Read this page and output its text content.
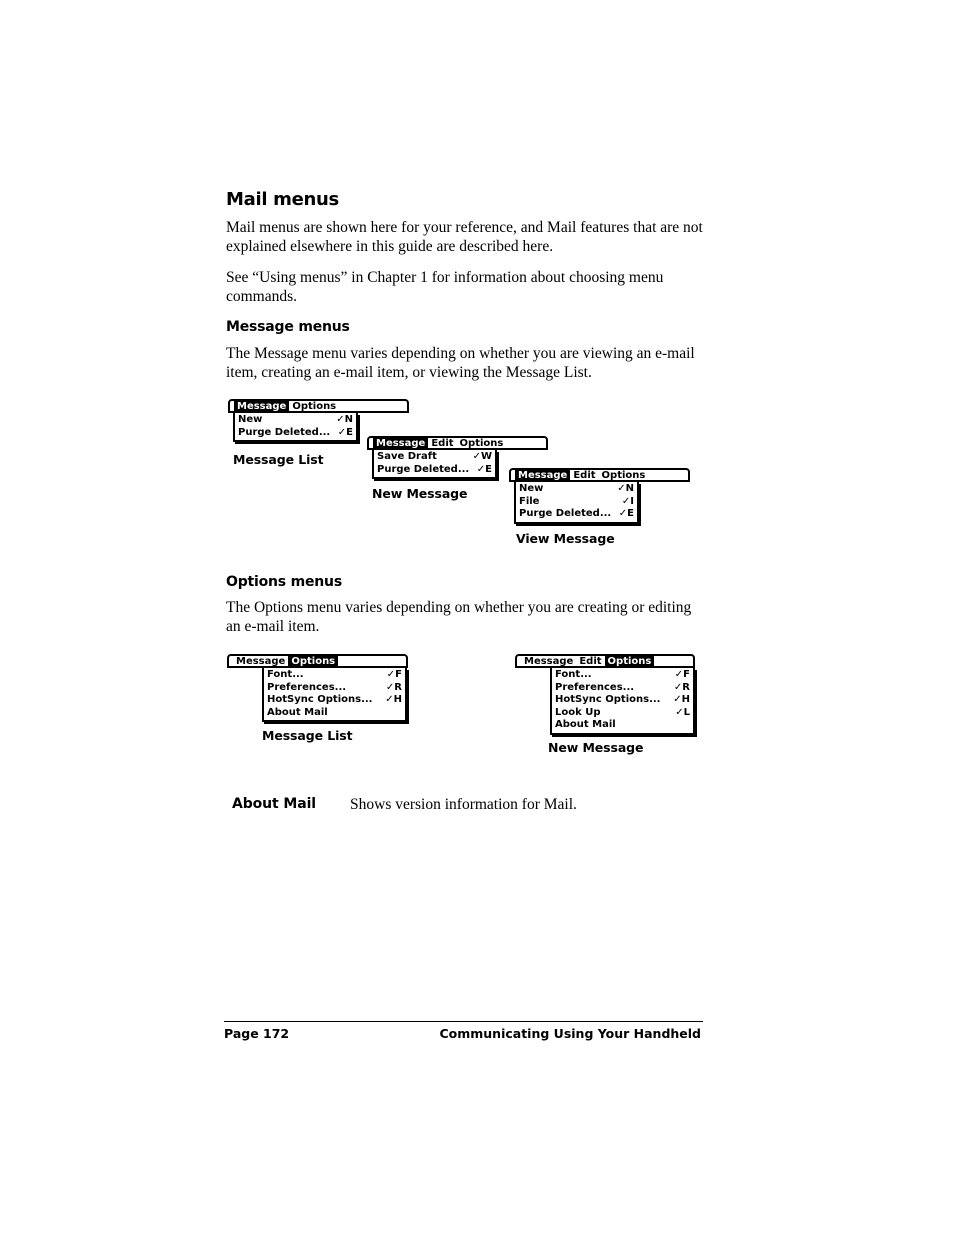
Mail menus
Mail menus are shown here for your reference, and Mail features that are not explained elsewhere in this guide are described here.
See “Using menus” in Chapter 1 for information about choosing menu commands.
Message menus
The Message menu varies depending on whether you are viewing an e-mail item, creating an e-mail item, or viewing the Message List.
Message Options
New	✓N
Purge Deleted... ✓E
Message List
Message Edit Options
Save Draft	✓W
Purge Deleted... ✓E
New Message
Message Edit Options
New	✓N
File	✓I
Purge Deleted... ✓E
View Message
Options menus
The Options menu varies depending on whether you are creating or editing an e-mail item.
Message Options
Font...	✓F
Preferences...	✓R
HotSync Options...	✓H
About Mail
Message List
Message Edit Options
Font...	✓F
Preferences...	✓R
HotSync Options...	✓H
Look Up	✓L
About Mail
New Message
About Mail Shows version information for Mail.
Page 172	Communicating Using Your Handheld
